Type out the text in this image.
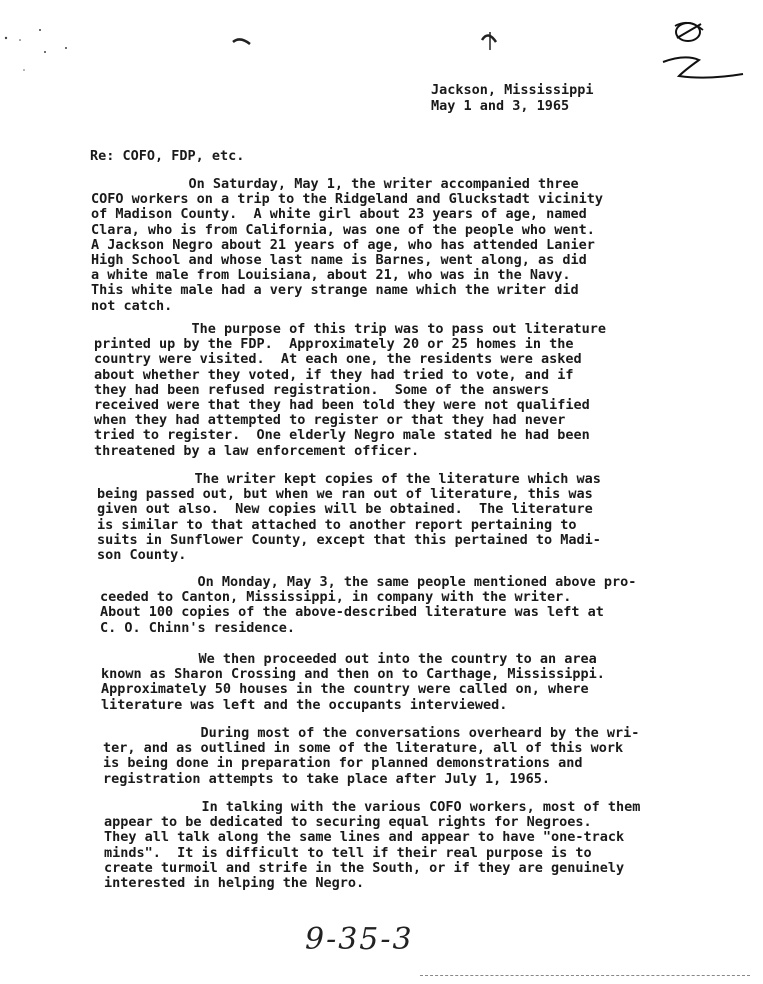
Jackson, Mississippi
May 1 and 3, 1965
Re: COFO, FDP, etc.
On Saturday, May 1, the writer accompanied three
COFO workers on a trip to the Ridgeland and Gluckstadt vicinity
of Madison County.  A white girl about 23 years of age, named
Clara, who is from California, was one of the people who went.
A Jackson Negro about 21 years of age, who has attended Lanier
High School and whose last name is Barnes, went along, as did
a white male from Louisiana, about 21, who was in the Navy.
This white male had a very strange name which the writer did
not catch.
The purpose of this trip was to pass out literature
printed up by the FDP.  Approximately 20 or 25 homes in the
country were visited.  At each one, the residents were asked
about whether they voted, if they had tried to vote, and if
they had been refused registration.  Some of the answers
received were that they had been told they were not qualified
when they had attempted to register or that they had never
tried to register.  One elderly Negro male stated he had been
threatened by a law enforcement officer.
The writer kept copies of the literature which was
being passed out, but when we ran out of literature, this was
given out also.  New copies will be obtained.  The literature
is similar to that attached to another report pertaining to
suits in Sunflower County, except that this pertained to Madi-
son County.
On Monday, May 3, the same people mentioned above pro-
ceeded to Canton, Mississippi, in company with the writer.
About 100 copies of the above-described literature was left at
C. O. Chinn's residence.
We then proceeded out into the country to an area
known as Sharon Crossing and then on to Carthage, Mississippi.
Approximately 50 houses in the country were called on, where
literature was left and the occupants interviewed.
During most of the conversations overheard by the wri-
ter, and as outlined in some of the literature, all of this work
is being done in preparation for planned demonstrations and
registration attempts to take place after July 1, 1965.
In talking with the various COFO workers, most of them
appear to be dedicated to securing equal rights for Negroes.
They all talk along the same lines and appear to have "one-track
minds".  It is difficult to tell if their real purpose is to
create turmoil and strife in the South, or if they are genuinely
interested in helping the Negro.
9-35-3
